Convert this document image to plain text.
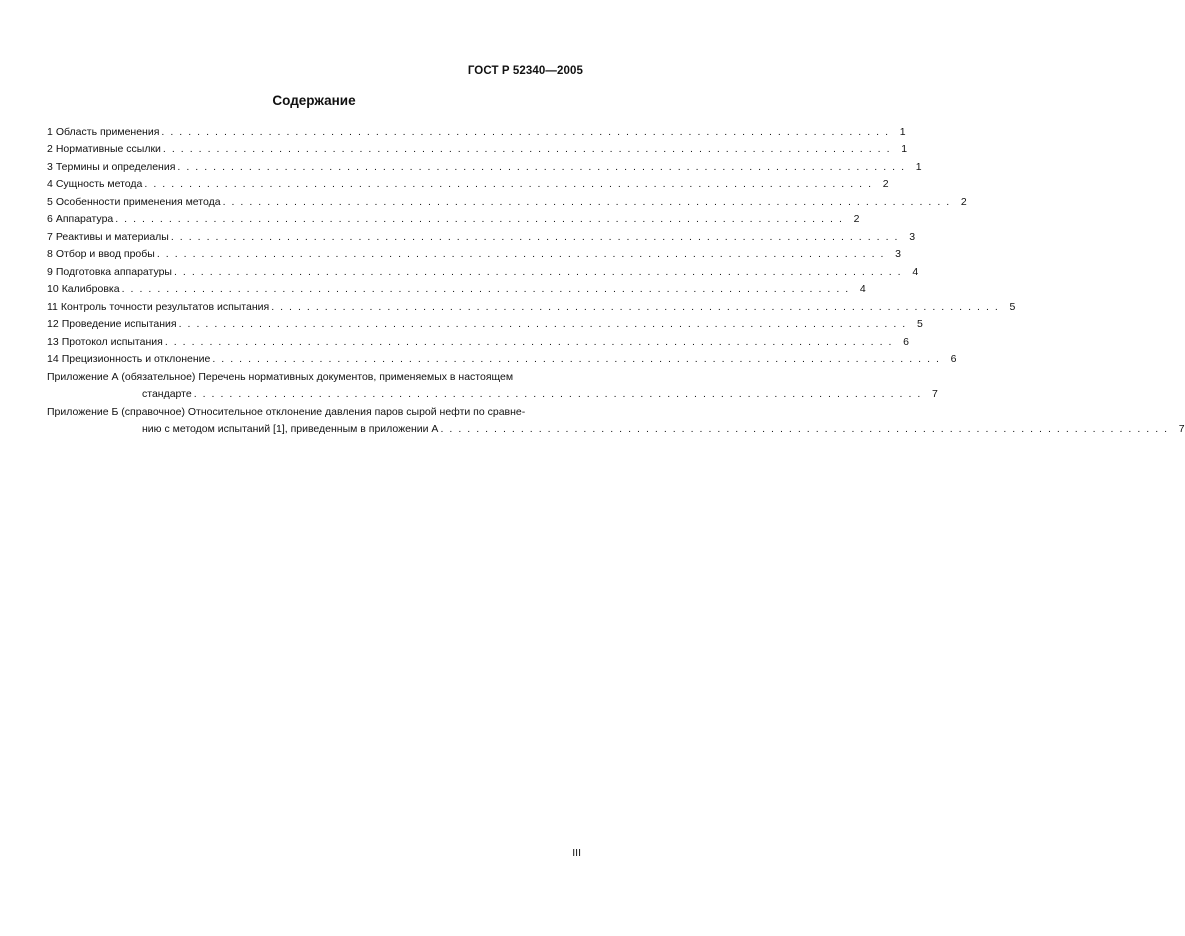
ГОСТ Р 52340—2005
Содержание
1 Область применения . . . . . . . . . . . . . . . . . . . . . . . . . . . . . . . . . . . . . . . . . . . . . . . . . . . . . . . . . . . . . . . . . . . . . . . . . . . . . . . . . . 1
2 Нормативные ссылки . . . . . . . . . . . . . . . . . . . . . . . . . . . . . . . . . . . . . . . . . . . . . . . . . . . . . . . . . . . . . . . . . . . . . . . . . . . . . . . . . . 1
3 Термины и определения . . . . . . . . . . . . . . . . . . . . . . . . . . . . . . . . . . . . . . . . . . . . . . . . . . . . . . . . . . . . . . . . . . . . . . . . . . . . . . . . . . 1
4 Сущность метода . . . . . . . . . . . . . . . . . . . . . . . . . . . . . . . . . . . . . . . . . . . . . . . . . . . . . . . . . . . . . . . . . . . . . . . . . . . . . . . . . . 2
5 Особенности применения метода . . . . . . . . . . . . . . . . . . . . . . . . . . . . . . . . . . . . . . . . . . . . . . . . . . . . . . . . . . . . . . . . . . . . . . . . . . . . . . . . . . 2
6 Аппаратура . . . . . . . . . . . . . . . . . . . . . . . . . . . . . . . . . . . . . . . . . . . . . . . . . . . . . . . . . . . . . . . . . . . . . . . . . . . . . . . . . . 2
7 Реактивы и материалы . . . . . . . . . . . . . . . . . . . . . . . . . . . . . . . . . . . . . . . . . . . . . . . . . . . . . . . . . . . . . . . . . . . . . . . . . . . . . . . . . . 3
8 Отбор и ввод пробы . . . . . . . . . . . . . . . . . . . . . . . . . . . . . . . . . . . . . . . . . . . . . . . . . . . . . . . . . . . . . . . . . . . . . . . . . . . . . . . . . . 3
9 Подготовка аппаратуры . . . . . . . . . . . . . . . . . . . . . . . . . . . . . . . . . . . . . . . . . . . . . . . . . . . . . . . . . . . . . . . . . . . . . . . . . . . . . . . . . . 4
10 Калибровка . . . . . . . . . . . . . . . . . . . . . . . . . . . . . . . . . . . . . . . . . . . . . . . . . . . . . . . . . . . . . . . . . . . . . . . . . . . . . . . . . . 4
11 Контроль точности результатов испытания . . . . . . . . . . . . . . . . . . . . . . . . . . . . . . . . . . . . . . . . . . . . . . . . . . . . . . . . . . . . . . . . . . . . . . . . . . . . . . . . . . 5
12 Проведение испытания . . . . . . . . . . . . . . . . . . . . . . . . . . . . . . . . . . . . . . . . . . . . . . . . . . . . . . . . . . . . . . . . . . . . . . . . . . . . . . . . . . 5
13 Протокол испытания . . . . . . . . . . . . . . . . . . . . . . . . . . . . . . . . . . . . . . . . . . . . . . . . . . . . . . . . . . . . . . . . . . . . . . . . . . . . . . . . . . 6
14 Прецизионность и отклонение . . . . . . . . . . . . . . . . . . . . . . . . . . . . . . . . . . . . . . . . . . . . . . . . . . . . . . . . . . . . . . . . . . . . . . . . . . . . . . . . . . 6
Приложение А (обязательное) Перечень нормативных документов, применяемых в настоящем
стандарте . . . . . . . . . . . . . . . . . . . . . . . . . . . . . . . . . . . . . . . . . . . . . . . . . . . . . . . . . . . . . . . . . . . . . . . . . . . . . . . . . . 7
Приложение Б (справочное) Относительное отклонение давления паров сырой нефти по сравне-
нию с методом испытаний [1], приведенным в приложении А . . . . . . . . . . . . . . . . . . . . . . . . . . . . . . . . . . . . . . . . . . . . . . . . . . . . . . . . . . . . . . . . . . . . . . . . . . . . . . . . . . 7
III
